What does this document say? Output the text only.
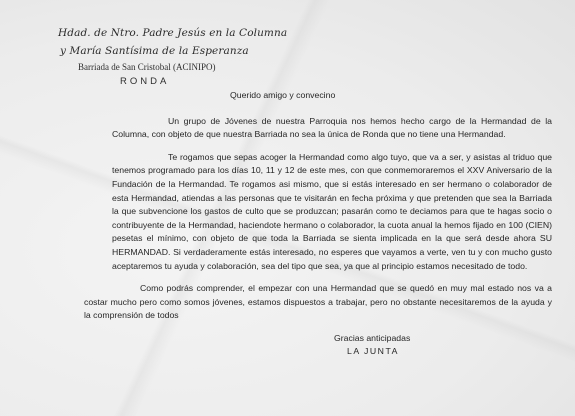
Hdad. de Ntro. Padre Jesús en la Columna
y María Santísima de la Esperanza
Barriada de San Cristobal (ACINIPO)
RONDA
Querido amigo y convecino

Un grupo de Jóvenes de nuestra Parroquia nos hemos hecho cargo de la Hermandad de la Columna, con objeto de que nuestra Barriada no sea la única de Ronda que no tiene una Hermandad.

Te rogamos que sepas acoger la Hermandad como algo tuyo, que va a ser, y asistas al triduo que tenemos programado para los días 10, 11 y 12 de este mes, con que conmemoraremos el XXV Aniversario de la Fundación de la Hermandad. Te rogamos asi mismo, que si estás interesado en ser hermano o colaborador de esta Hermandad, atiendas a las personas que te visitarán en fecha próxima y que pretenden que sea la Barriada la que subvencione los gastos de culto que se produzcan; pasarán como te deciamos para que te hagas socio o contribuyente de la Hermandad, haciendote hermano o colaborador, la cuota anual la hemos fijado en 100 (CIEN) pesetas el mínimo, con objeto de que toda la Barriada se sienta implicada en la que será desde ahora SU HERMANDAD. Si verdaderamente estás interesado, no esperes que vayamos a verte, ven tu y con mucho gusto aceptaremos tu ayuda y colaboración, sea del tipo que sea, ya que al principio estamos necesitado de todo.

Como podrás comprender, el empezar con una Hermandad que se quedó en muy mal estado nos va a costar mucho pero como somos jóvenes, estamos dispuestos a trabajar, pero no obstante necesitaremos de la ayuda y la comprensión de todos

Gracias anticipadas
LA JUNTA
